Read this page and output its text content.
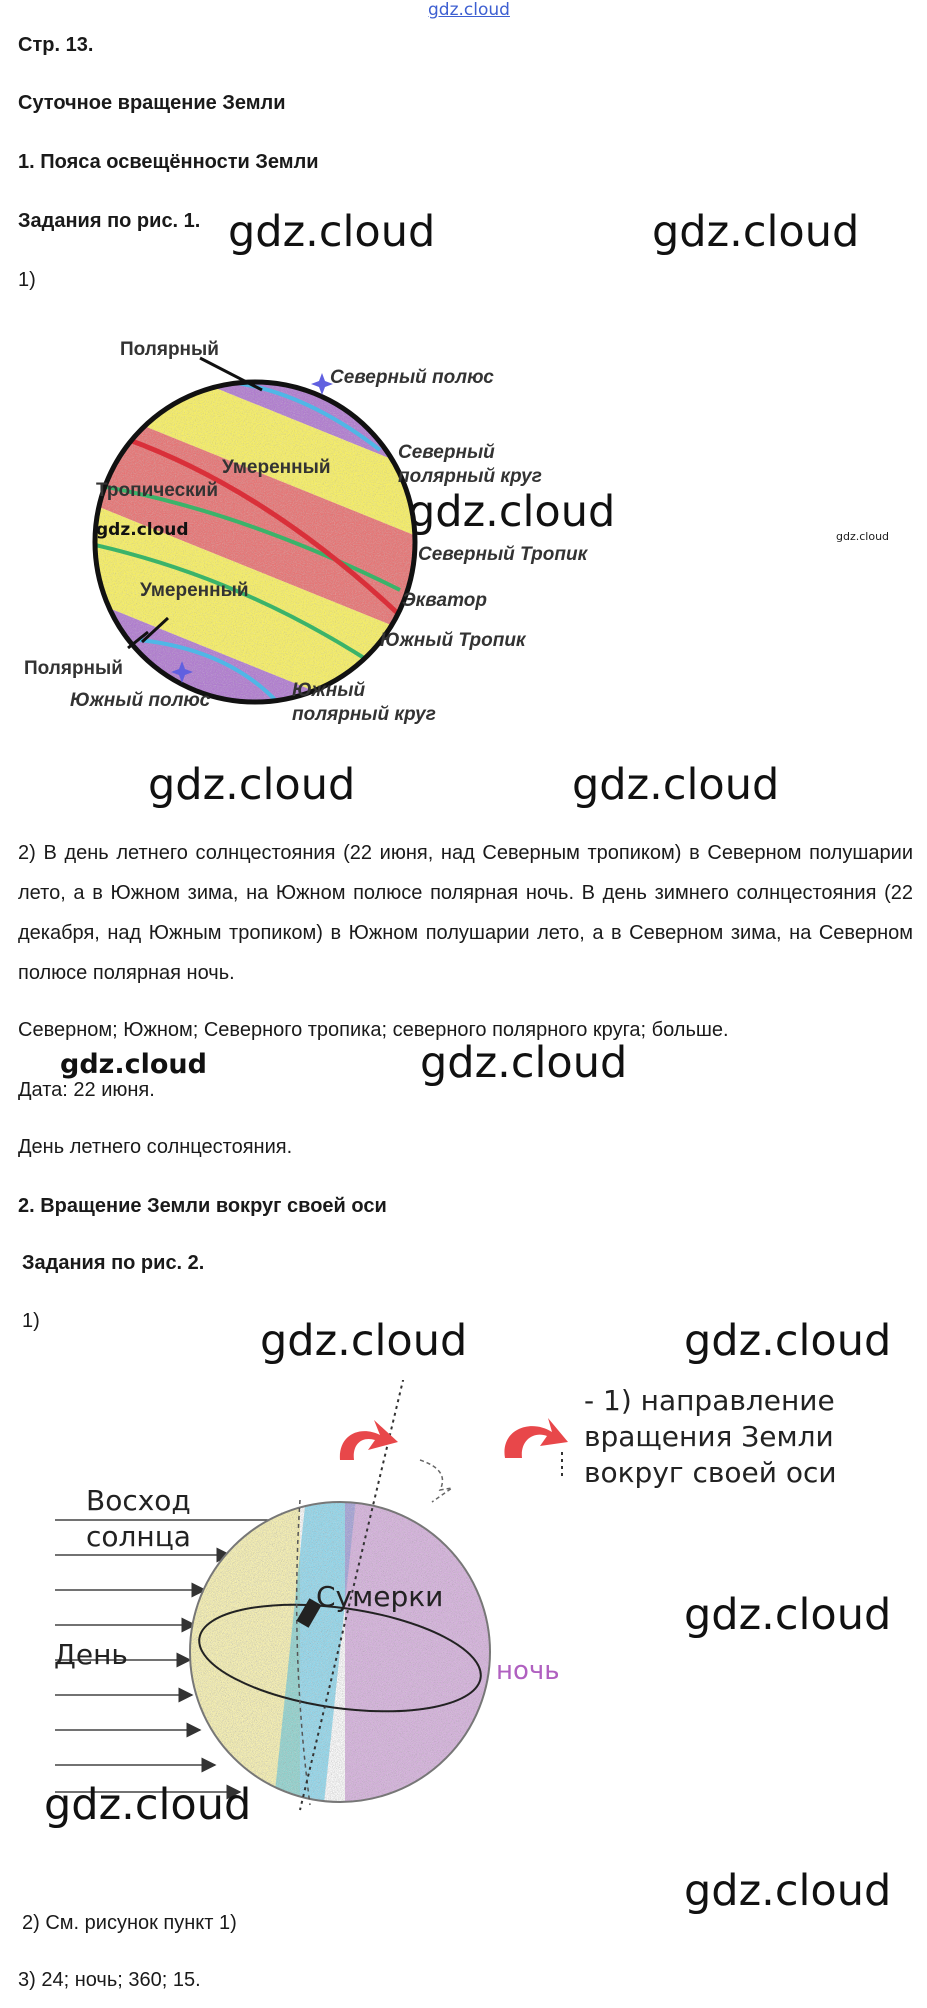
gdz.cloud
Стр. 13.
Суточное вращение Земли
1. Пояса освещённости Земли
Задания по рис. 1.
1)
gdz.cloud	gdz.cloud
Полярный
Северный полюс
Умеренный
Северный
полярный круг
Тропический
gdz.cloud	gdz.cloud	gdz.cloud
Северный Тропик
Умеренный	Экватор
Южный Тропик
Полярный
Южный полюс	Южный
полярный круг
gdz.cloud	gdz.cloud
2) В день летнего солнцестояния (22 июня, над Северным тропиком) в Северном полушарии лето, а в Южном зима, на Южном полюсе полярная ночь. В день зимнего солнцестояния (22 декабря, над Южным тропиком) в Южном полушарии лето, а в Северном зима, на Северном полюсе полярная ночь.
Северном; Южном; Северного тропика; северного полярного круга; больше.
gdz.cloud	gdz.cloud
Дата: 22 июня.
День летнего солнцестояния.
2. Вращение Земли вокруг своей оси
Задания по рис. 2.
1)	gdz.cloud	gdz.cloud
- 1) направление
вращения Земли
вокруг своей оси
Восход
солнца
Сумерки
День	ночь
gdz.cloud
gdz.cloud
gdz.cloud
2) См. рисунок пункт 1)
3) 24; ночь; 360; 15.
